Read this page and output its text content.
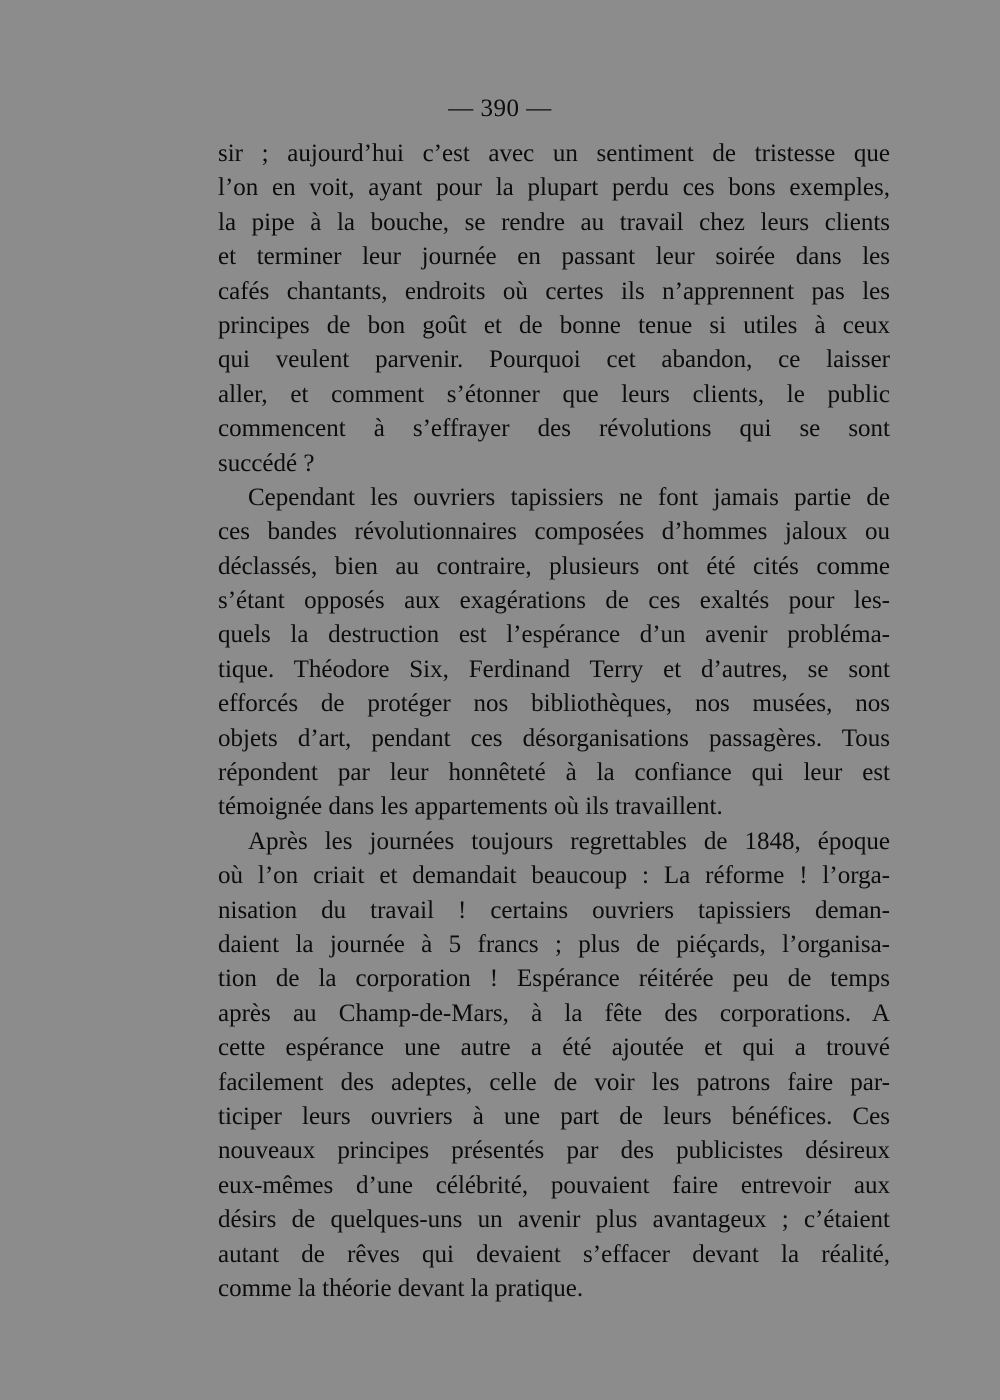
— 390 —
sir ; aujourd’hui c’est avec un sentiment de tristesse que
l’on en voit, ayant pour la plupart perdu ces bons exemples,
la pipe à la bouche, se rendre au travail chez leurs clients
et terminer leur journée en passant leur soirée dans les
cafés chantants, endroits où certes ils n’apprennent pas les
principes de bon goût et de bonne tenue si utiles à ceux
qui veulent parvenir. Pourquoi cet abandon, ce laisser
aller, et comment s’étonner que leurs clients, le public
commencent à s’effrayer des révolutions qui se sont
succédé ?
Cependant les ouvriers tapissiers ne font jamais partie de
ces bandes révolutionnaires composées d’hommes jaloux ou
déclassés, bien au contraire, plusieurs ont été cités comme
s’étant opposés aux exagérations de ces exaltés pour les-
quels la destruction est l’espérance d’un avenir probléma-
tique. Théodore Six, Ferdinand Terry et d’autres, se sont
efforcés de protéger nos bibliothèques, nos musées, nos
objets d’art, pendant ces désorganisations passagères. Tous
répondent par leur honnêteté à la confiance qui leur est
témoignée dans les appartements où ils travaillent.
Après les journées toujours regrettables de 1848, époque
où l’on criait et demandait beaucoup : La réforme ! l’orga-
nisation du travail ! certains ouvriers tapissiers deman-
daient la journée à 5 francs ; plus de piéçards, l’organisa-
tion de la corporation ! Espérance réitérée peu de temps
après au Champ-de-Mars, à la fête des corporations. A
cette espérance une autre a été ajoutée et qui a trouvé
facilement des adeptes, celle de voir les patrons faire par-
ticiper leurs ouvriers à une part de leurs bénéfices. Ces
nouveaux principes présentés par des publicistes désireux
eux-mêmes d’une célébrité, pouvaient faire entrevoir aux
désirs de quelques-uns un avenir plus avantageux ; c’étaient
autant de rêves qui devaient s’effacer devant la réalité,
comme la théorie devant la pratique.
